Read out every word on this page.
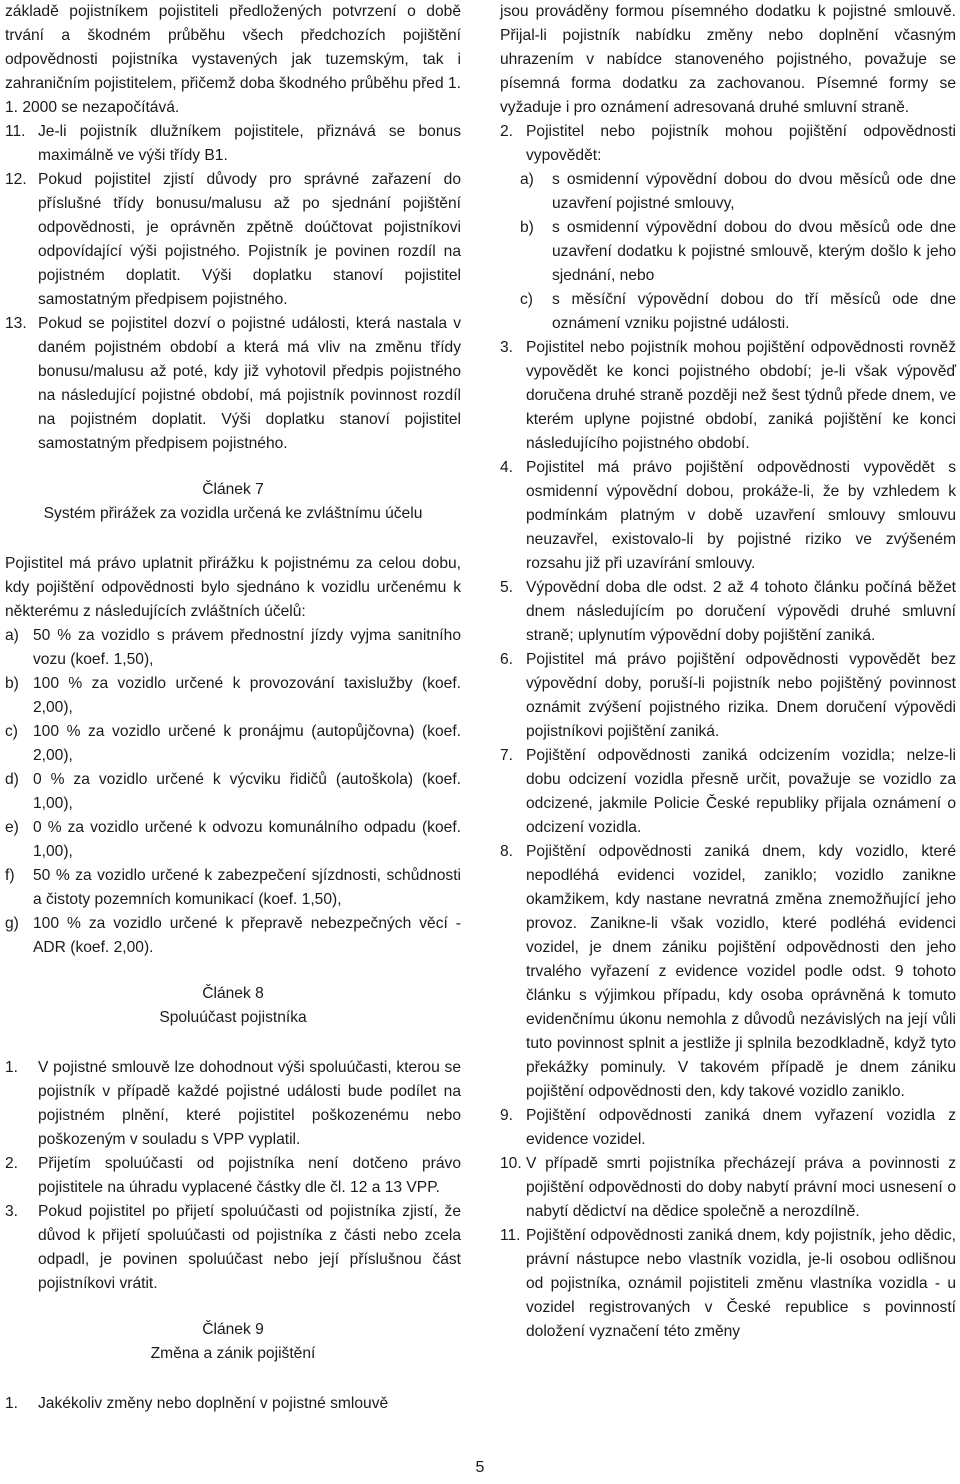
základě pojistníkem pojistiteli předložených potvrzení o době trvání a škodném průběhu všech předchozích pojištění odpovědnosti pojistníka vystavených jak tuzemským, tak i zahraničním pojistitelem, přičemž doba škodného průběhu před 1. 1. 2000 se nezapočítává.

11. Je-li pojistník dlužníkem pojistitele, přiznává se bonus maximálně ve výši třídy B1.
12. Pokud pojistitel zjistí důvody pro správné zařazení do příslušné třídy bonusu/malusu až po sjednání pojištění odpovědnosti, je oprávněn zpětně doúčtovat pojistníkovi odpovídající výši pojistného. Pojistník je povinen rozdíl na pojistném doplatit. Výši doplatku stanoví pojistitel samostatným předpisem pojistného.
13. Pokud se pojistitel dozví o pojistné události, která nastala v daném pojistném období a která má vliv na změnu třídy bonusu/malusu až poté, kdy již vyhotovil předpis pojistného na následující pojistné období, má pojistník povinnost rozdíl na pojistném doplatit. Výši doplatku stanoví pojistitel samostatným předpisem pojistného.
Článek 7
Systém přirážek za vozidla určená ke zvláštnímu účelu

Pojistitel má právo uplatnit přirážku k pojistnému za celou dobu, kdy pojištění odpovědnosti bylo sjednáno k vozidlu určenému k některému z následujících zvláštních účelů:

a) 50 % za vozidlo s právem přednostní jízdy vyjma sanitního vozu (koef. 1,50),
b) 100 % za vozidlo určené k provozování taxislužby (koef. 2,00),
c) 100 % za vozidlo určené k pronájmu (autopůjčovna) (koef. 2,00),
d) 0 % za vozidlo určené k výcviku řidičů (autoškola) (koef. 1,00),
e) 0 % za vozidlo určené k odvozu komunálního odpadu (koef. 1,00),
f)	50 % za vozidlo určené k zabezpečení sjízdnosti, schůdnosti a čistoty pozemních komunikací (koef. 1,50),
g) 100 % za vozidlo určené k přepravě nebezpečných věcí - ADR (koef. 2,00).
Článek 8
Spoluúčast pojistníka
1.	V pojistné smlouvě lze dohodnout výši spoluúčasti, kterou se pojistník v případě každé pojistné události bude podílet na pojistném plnění, které pojistitel poškozenému nebo poškozeným v souladu s VPP vyplatil.
2.	Přijetím spoluúčasti od pojistníka není dotčeno právo pojistitele na úhradu vyplacené částky dle čl. 12 a 13 VPP.
3.	Pokud pojistitel po přijetí spoluúčasti od pojistníka zjistí, že důvod k přijetí spoluúčasti od pojistníka z části nebo zcela odpadl, je povinen spoluúčast nebo její příslušnou část pojistníkovi vrátit.
Článek 9
Změna a zánik pojištění
1.	Jakékoliv změny nebo doplnění v pojistné smlouvě

jsou prováděny formou písemného dodatku k pojistné smlouvě. Přijal-li pojistník nabídku změny nebo doplnění včasným uhrazením v nabídce stanoveného pojistného, považuje se písemná forma dodatku za zachovanou. Písemné formy se vyžaduje i pro oznámení adresovaná druhé smluvní straně.

2. Pojistitel nebo pojistník mohou pojištění odpovědnosti vypovědět:
a)	s osmidenní výpovědní dobou do dvou měsíců ode dne uzavření pojistné smlouvy,
b)	s osmidenní výpovědní dobou do dvou měsíců ode dne uzavření dodatku k pojistné smlouvě, kterým došlo k jeho sjednání, nebo
c)	s měsíční výpovědní dobou do tří měsíců ode dne oznámení vzniku pojistné události.
3. Pojistitel nebo pojistník mohou pojištění odpovědnosti rovněž vypovědět ke konci pojistného období; je-li však výpověď doručena druhé straně později než šest týdnů přede dnem, ve kterém uplyne pojistné období, zaniká pojištění ke konci následujícího pojistného období.
4. Pojistitel má právo pojištění odpovědnosti vypovědět s osmidenní výpovědní dobou, prokáže-li, že by vzhledem k podmínkám platným v době uzavření smlouvy smlouvu neuzavřel, existovalo-li by pojistné riziko ve zvýšeném rozsahu již při uzavírání smlouvy.
5. Výpovědní doba dle odst. 2 až 4 tohoto článku počíná běžet dnem následujícím po doručení výpovědi druhé smluvní straně; uplynutím výpovědní doby pojištění zaniká.
6. Pojistitel má právo pojištění odpovědnosti vypovědět bez výpovědní doby, poruší-li pojistník nebo pojištěný povinnost oznámit zvýšení pojistného rizika. Dnem doručení výpovědi pojistníkovi pojištění zaniká.
7. Pojištění odpovědnosti zaniká odcizením vozidla; nelze-li dobu odcizení vozidla přesně určit, považuje se vozidlo za odcizené, jakmile Policie České republiky přijala oznámení o odcizení vozidla.
8. Pojištění odpovědnosti zaniká dnem, kdy vozidlo, které nepodléhá evidenci vozidel, zaniklo; vozidlo zanikne okamžikem, kdy nastane nevratná změna znemožňující jeho provoz. Zanikne-li však vozidlo, které podléhá evidenci vozidel, je dnem zániku pojištění odpovědnosti den jeho trvalého vyřazení z evidence vozidel podle odst. 9 tohoto článku s výjimkou případu, kdy osoba oprávněná k tomuto evidenčnímu úkonu nemohla z důvodů nezávislých na její vůli tuto povinnost splnit a jestliže ji splnila bezodkladně, když tyto překážky pominuly. V takovém případě je dnem zániku pojištění odpovědnosti den, kdy takové vozidlo zaniklo.
9. Pojištění odpovědnosti zaniká dnem vyřazení vozidla z evidence vozidel.
10. V případě smrti pojistníka přecházejí práva a povinnosti z pojištění odpovědnosti do doby nabytí právní moci usnesení o nabytí dědictví na dědice společně a nerozdílně.
11. Pojištění odpovědnosti zaniká dnem, kdy pojistník, jeho dědic, právní nástupce nebo vlastník vozidla, je-li osobou odlišnou od pojistníka, oznámil pojistiteli změnu vlastníka vozidla - u vozidel registrovaných v České republice s povinností doložení vyznačení této změny
5
